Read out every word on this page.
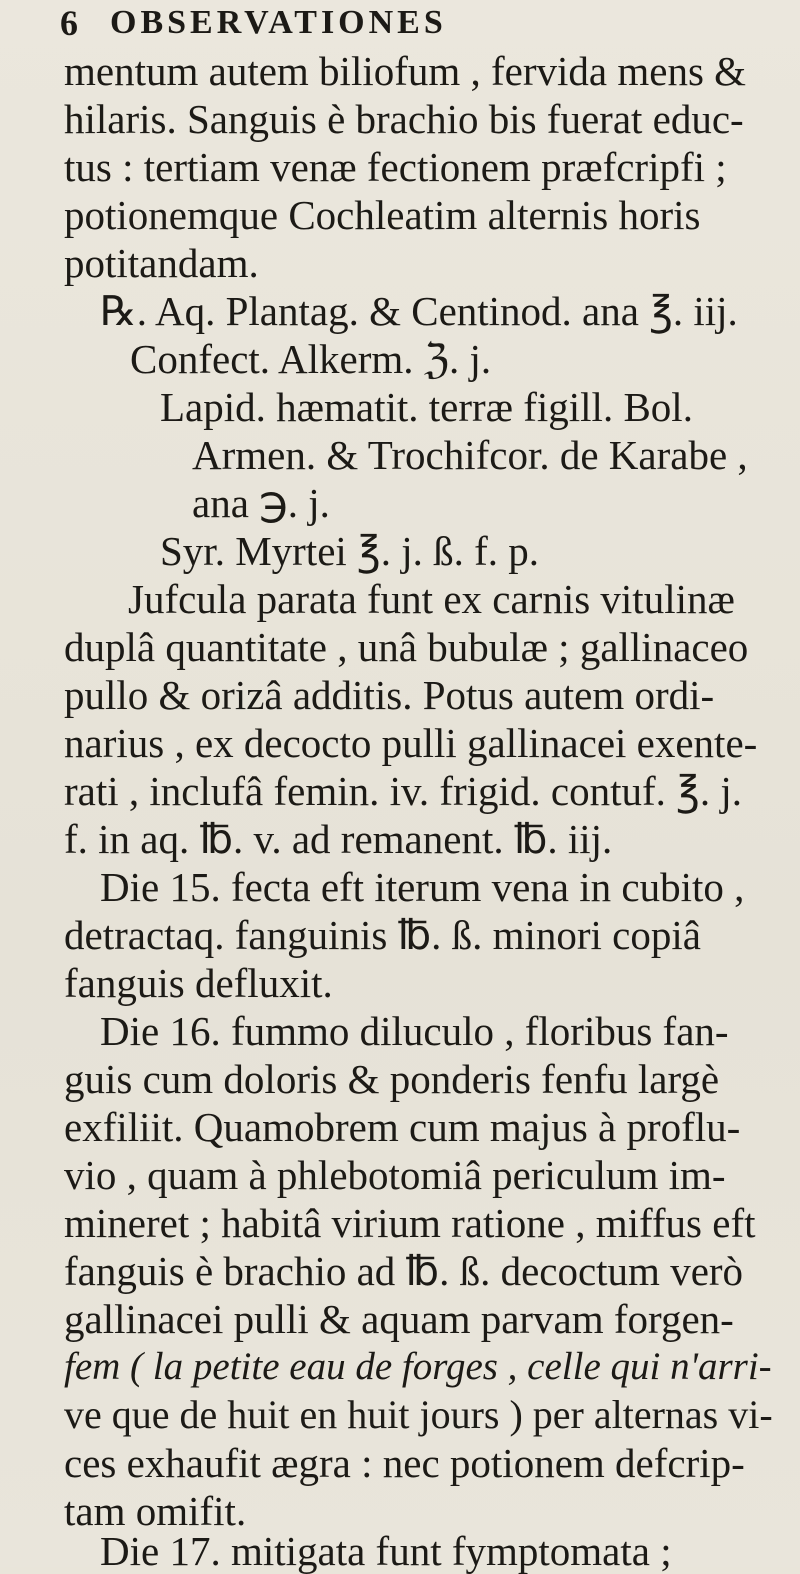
6 OBSERVATIONES
mentum autem biliofum , fervida mens &
hilaris. Sanguis è brachio bis fuerat educ-
tus : tertiam venæ fectionem præfcripfi ;
potionemque Cochleatim alternis horis
potitandam.
℞. Aq. Plantag. & Centinod. ana ℥. iij.
Confect. Alkerm. ℨ. j.
Lapid. hæmatit. terræ figill. Bol.
Armen. & Trochifcor. de Karabe ,
ana ℈. j.
Syr. Myrtei ℥. j. ß. f. p.
Jufcula parata funt ex carnis vitulinæ
duplâ quantitate , unâ bubulæ ; gallinaceo
pullo & orizâ additis. Potus autem ordi-
narius , ex decocto pulli gallinacei exente-
rati , inclufâ femin. iv. frigid. contuf. ℥. j.
f. in aq. ℔. v. ad remanent. ℔. iij.
Die 15. fecta eft iterum vena in cubito ,
detractaq. fanguinis ℔. ß. minori copiâ
fanguis defluxit.
Die 16. fummo diluculo , floribus fan-
guis cum doloris & ponderis fenfu largè
exfiliit. Quamobrem cum majus à proflu-
vio , quam à phlebotomiâ periculum im-
mineret ; habitâ virium ratione , miffus eft
fanguis è brachio ad ℔. ß. decoctum verò
gallinacei pulli & aquam parvam forgen-
fem ( la petite eau de forges , celle qui n'arri-
ve que de huit en huit jours ) per alternas vi-
ces exhaufit ægra : nec potionem defcrip-
tam omifit.
Die 17. mitigata funt fymptomata ;
